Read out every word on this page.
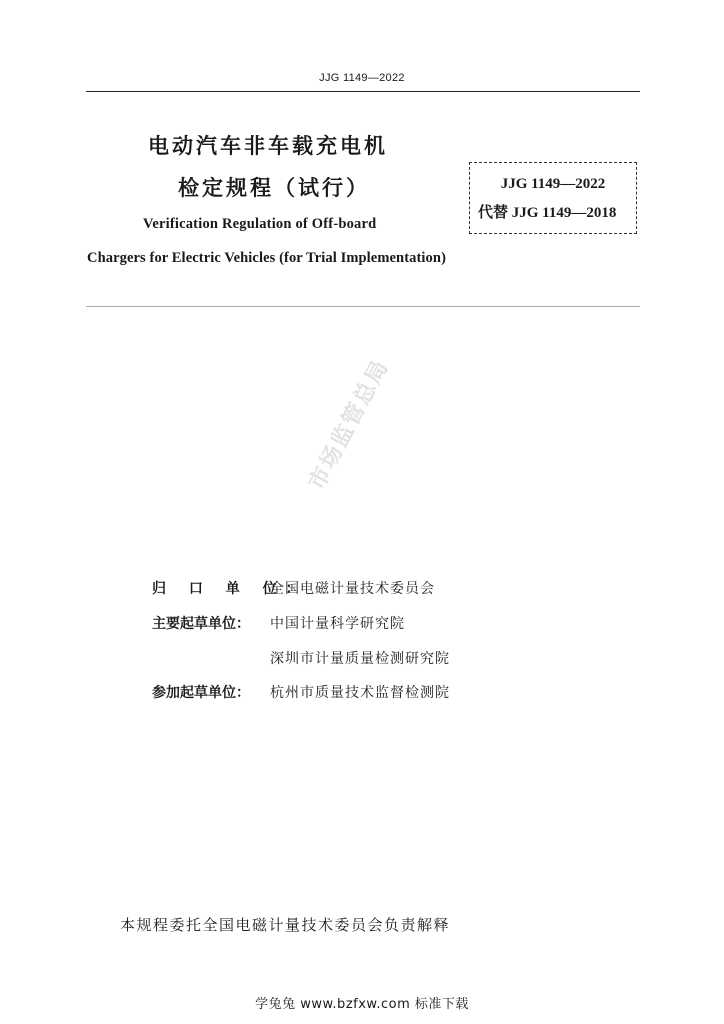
JJG 1149—2022
电动汽车非车载充电机
检定规程（试行）
Verification Regulation of Off-board
Chargers for Electric Vehicles (for Trial Implementation)
JJG 1149—2022
代替 JJG 1149—2018
市场监管总局
归 口 单 位：全国电磁计量技术委员会
主要起草单位： 中国计量科学研究院
深圳市计量质量检测研究院
参加起草单位： 杭州市质量技术监督检测院
本规程委托全国电磁计量技术委员会负责解释
学兔兔 www.bzfxw.com 标准下载
